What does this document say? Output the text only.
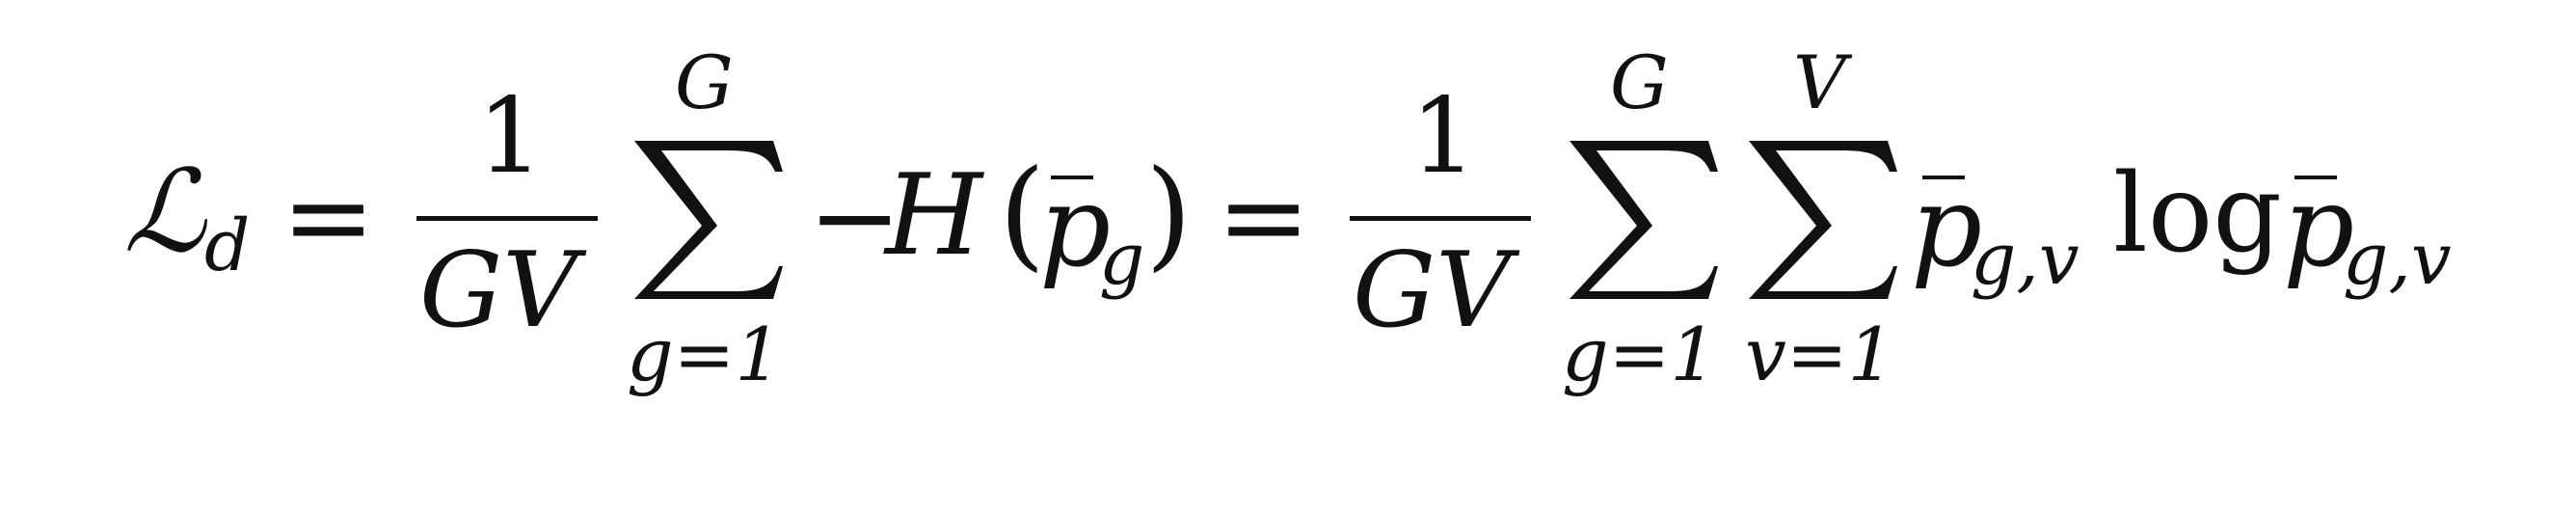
ℒ d =
1
GV
G
g=1
−
H (
p
g ) =
1
GV
G
g=1
V
v=1
p
g,v log p
g,v
